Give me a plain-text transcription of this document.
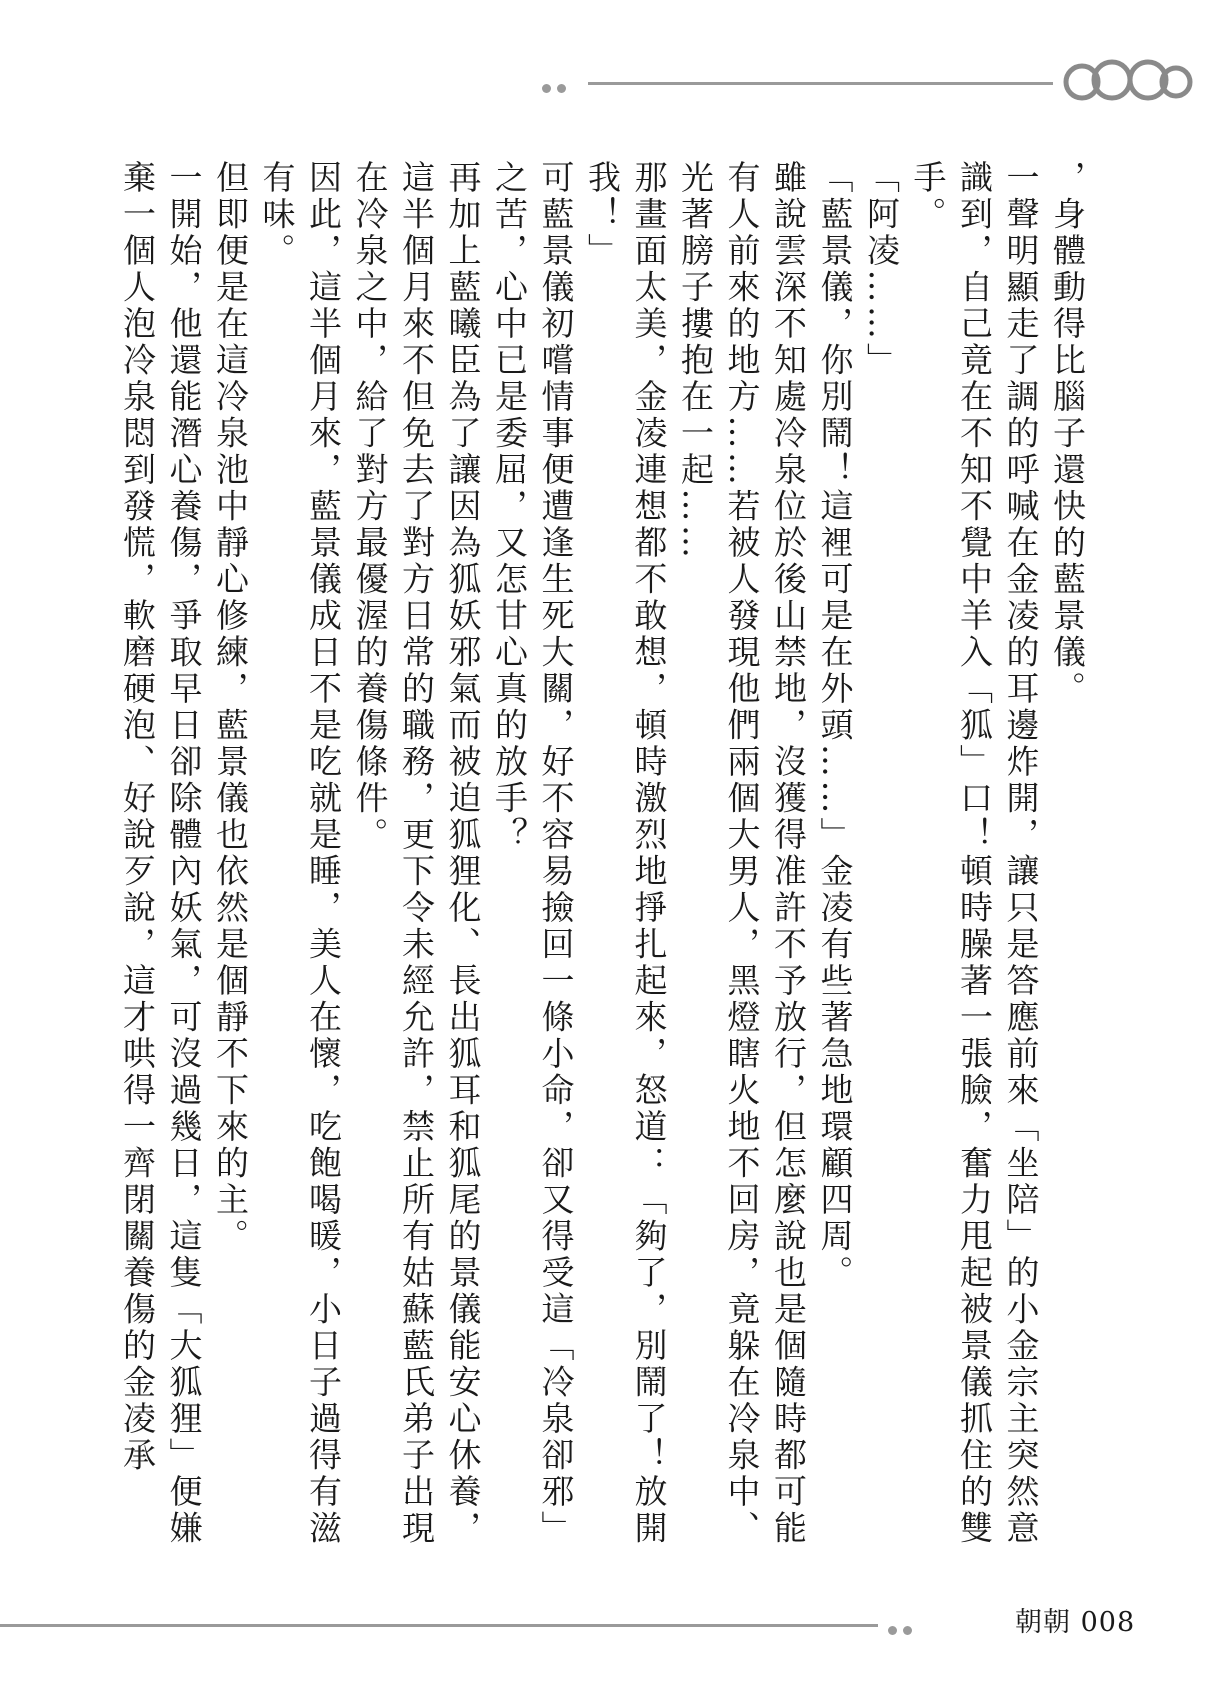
，身體動得比腦子還快的藍景儀。

一聲明顯走了調的呼喊在金凌的耳邊炸開，讓只是答應前來「坐陪」的小金宗主突然意識到，自己竟在不知不覺中羊入「狐」口！頓時臊著一張臉，奮力甩起被景儀抓住的雙手。

「阿凌……」

「藍景儀，你別鬧！這裡可是在外頭……」金凌有些著急地環顧四周。

雖說雲深不知處冷泉位於後山禁地，沒獲得准許不予放行，但怎麼說也是個隨時都可能有人前來的地方……若被人發現他們兩個大男人，黑燈瞎火地不回房，竟躲在冷泉中、光著膀子摟抱在一起……

那畫面太美，金凌連想都不敢想，頓時激烈地掙扎起來，怒道：「夠了，別鬧了！放開我！」

可藍景儀初嚐情事便遭逢生死大關，好不容易撿回一條小命，卻又得受這「冷泉卻邪」之苦，心中已是委屈，又怎甘心真的放手？

再加上藍曦臣為了讓因為狐妖邪氣而被迫狐狸化、長出狐耳和狐尾的景儀能安心休養，這半個月來不但免去了對方日常的職務，更下令未經允許，禁止所有姑蘇藍氏弟子出現在冷泉之中，給了對方最優渥的養傷條件。

因此，這半個月來，藍景儀成日不是吃就是睡，美人在懷，吃飽喝暖，小日子過得有滋有味。

但即便是在這冷泉池中靜心修練，藍景儀也依然是個靜不下來的主。

一開始，他還能潛心養傷，爭取早日卻除體內妖氣，可沒過幾日，這隻「大狐狸」便嫌棄一個人泡冷泉悶到發慌，軟磨硬泡、好說歹說，這才哄得一齊閉關養傷的金凌承

朝朝 008
